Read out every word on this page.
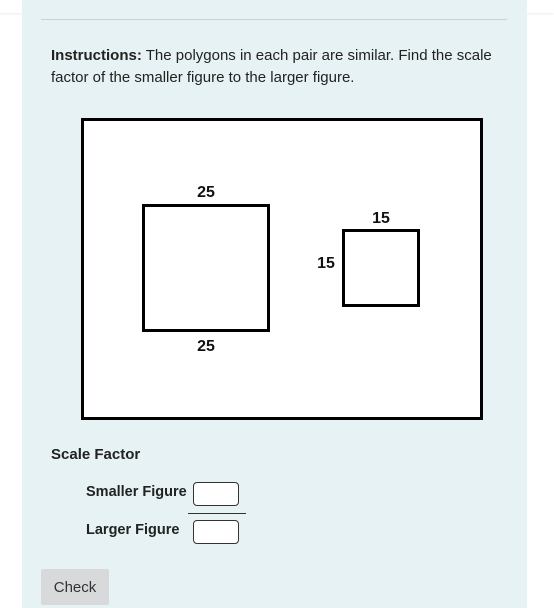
Instructions: The polygons in each pair are similar. Find the scale factor of the smaller figure to the larger figure.
25
25
15
15
Scale Factor
Smaller Figure
Larger Figure
Check
